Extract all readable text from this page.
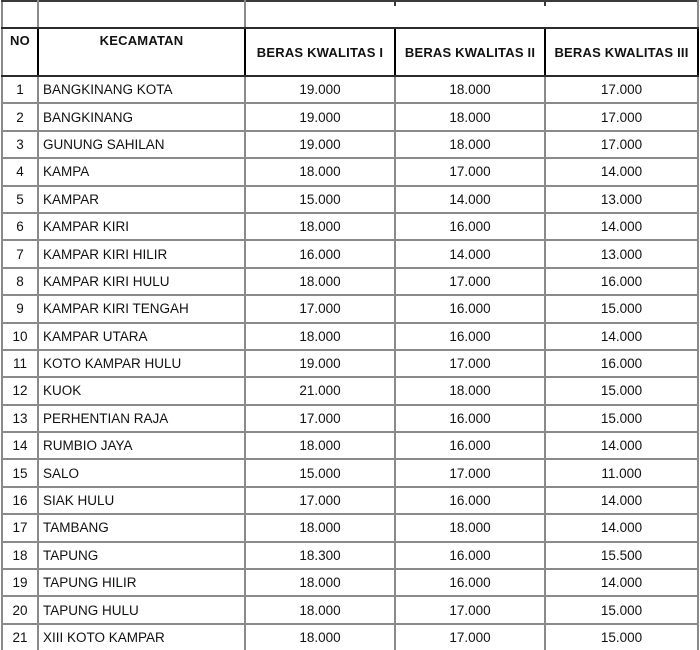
NO	KECAMATAN	BERAS KWALITAS I	BERAS KWALITAS II	BERAS KWALITAS III
1	BANGKINANG KOTA	19.000	18.000	17.000
2	BANGKINANG	19.000	18.000	17.000
3	GUNUNG SAHILAN	19.000	18.000	17.000
4	KAMPA	18.000	17.000	14.000
5	KAMPAR	15.000	14.000	13.000
6	KAMPAR KIRI	18.000	16.000	14.000
7	KAMPAR KIRI HILIR	16.000	14.000	13.000
8	KAMPAR KIRI HULU	18.000	17.000	16.000
9	KAMPAR KIRI TENGAH	17.000	16.000	15.000
10	KAMPAR UTARA	18.000	16.000	14.000
11	KOTO KAMPAR HULU	19.000	17.000	16.000
12	KUOK	21.000	18.000	15.000
13	PERHENTIAN RAJA	17.000	16.000	15.000
14	RUMBIO JAYA	18.000	16.000	14.000
15	SALO	15.000	17.000	11.000
16	SIAK HULU	17.000	16.000	14.000
17	TAMBANG	18.000	18.000	14.000
18	TAPUNG	18.300	16.000	15.500
19	TAPUNG HILIR	18.000	16.000	14.000
20	TAPUNG HULU	18.000	17.000	15.000
21	XIII KOTO KAMPAR	18.000	17.000	15.000
